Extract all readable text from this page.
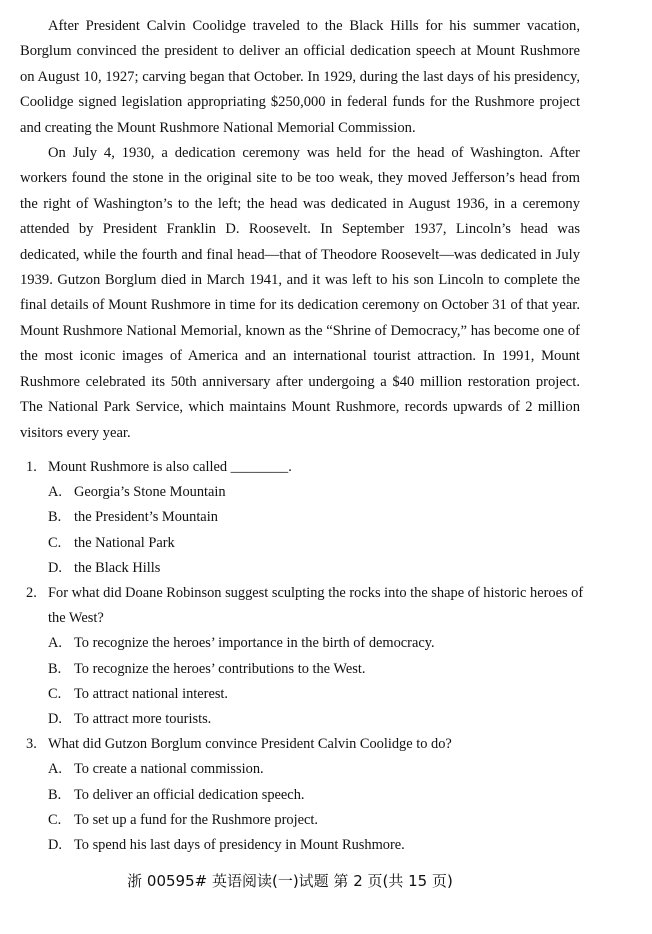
After President Calvin Coolidge traveled to the Black Hills for his summer vacation, Borglum convinced the president to deliver an official dedication speech at Mount Rushmore on August 10, 1927; carving began that October. In 1929, during the last days of his presidency, Coolidge signed legislation appropriating $250,000 in federal funds for the Rushmore project and creating the Mount Rushmore National Memorial Commission.

On July 4, 1930, a dedication ceremony was held for the head of Washington. After workers found the stone in the original site to be too weak, they moved Jefferson’s head from the right of Washington’s to the left; the head was dedicated in August 1936, in a ceremony attended by President Franklin D. Roosevelt. In September 1937, Lincoln’s head was dedicated, while the fourth and final head—that of Theodore Roosevelt—was dedicated in July 1939. Gutzon Borglum died in March 1941, and it was left to his son Lincoln to complete the final details of Mount Rushmore in time for its dedication ceremony on October 31 of that year. Mount Rushmore National Memorial, known as the “Shrine of Democracy,” has become one of the most iconic images of America and an international tourist attraction. In 1991, Mount Rushmore celebrated its 50th anniversary after undergoing a $40 million restoration project. The National Park Service, which maintains Mount Rushmore, records upwards of 2 million visitors every year.

1. Mount Rushmore is also called ________.
A. Georgia’s Stone Mountain
B. the President’s Mountain
C. the National Park
D. the Black Hills
2. For what did Doane Robinson suggest sculpting the rocks into the shape of historic heroes of the West?
A. To recognize the heroes’ importance in the birth of democracy.
B. To recognize the heroes’ contributions to the West.
C. To attract national interest.
D. To attract more tourists.
3. What did Gutzon Borglum convince President Calvin Coolidge to do?
A. To create a national commission.
B. To deliver an official dedication speech.
C. To set up a fund for the Rushmore project.
D. To spend his last days of presidency in Mount Rushmore.
浙 00595# 英语阅读(一)试题 第 2 页(共 15 页)
